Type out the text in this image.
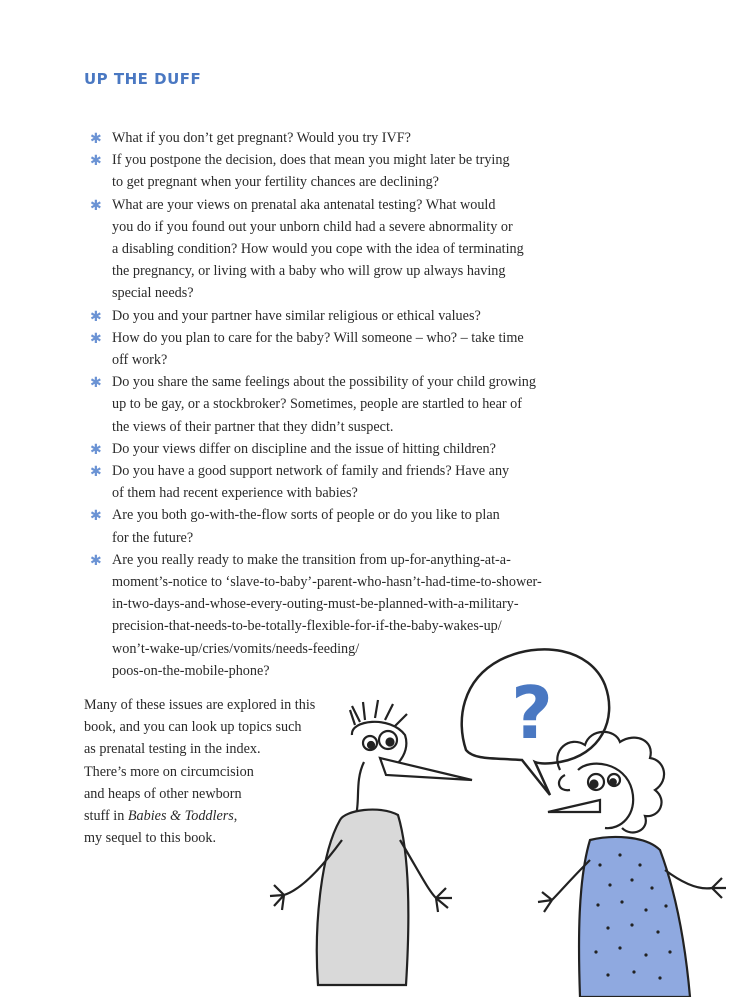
UP THE DUFF
✱ What if you don’t get pregnant? Would you try IVF?
✱ If you postpone the decision, does that mean you might later be trying
to get pregnant when your fertility chances are declining?
✱ What are your views on prenatal aka antenatal testing? What would
you do if you found out your unborn child had a severe abnormality or
a disabling condition? How would you cope with the idea of terminating
the pregnancy, or living with a baby who will grow up always having
special needs?
✱ Do you and your partner have similar religious or ethical values?
✱ How do you plan to care for the baby? Will someone – who? – take time
off work?
✱ Do you share the same feelings about the possibility of your child growing
up to be gay, or a stockbroker? Sometimes, people are startled to hear of
the views of their partner that they didn’t suspect.
✱ Do your views differ on discipline and the issue of hitting children?
✱ Do you have a good support network of family and friends? Have any
of them had recent experience with babies?
✱ Are you both go-with-the-flow sorts of people or do you like to plan
for the future?
✱ Are you really ready to make the transition from up-for-anything-at-a-
moment’s-notice to ‘slave-to-baby’-parent-who-hasn’t-had-time-to-shower-
in-two-days-and-whose-every-outing-must-be-planned-with-a-military-
precision-that-needs-to-be-totally-flexible-for-if-the-baby-wakes-up/
won’t-wake-up/cries/vomits/needs-feeding/
poos-on-the-mobile-phone?
Many of these issues are explored in this
book, and you can look up topics such
as prenatal testing in the index.
There’s more on circumcision
and heaps of other newborn
stuff in Babies & Toddlers,
my sequel to this book.
?
